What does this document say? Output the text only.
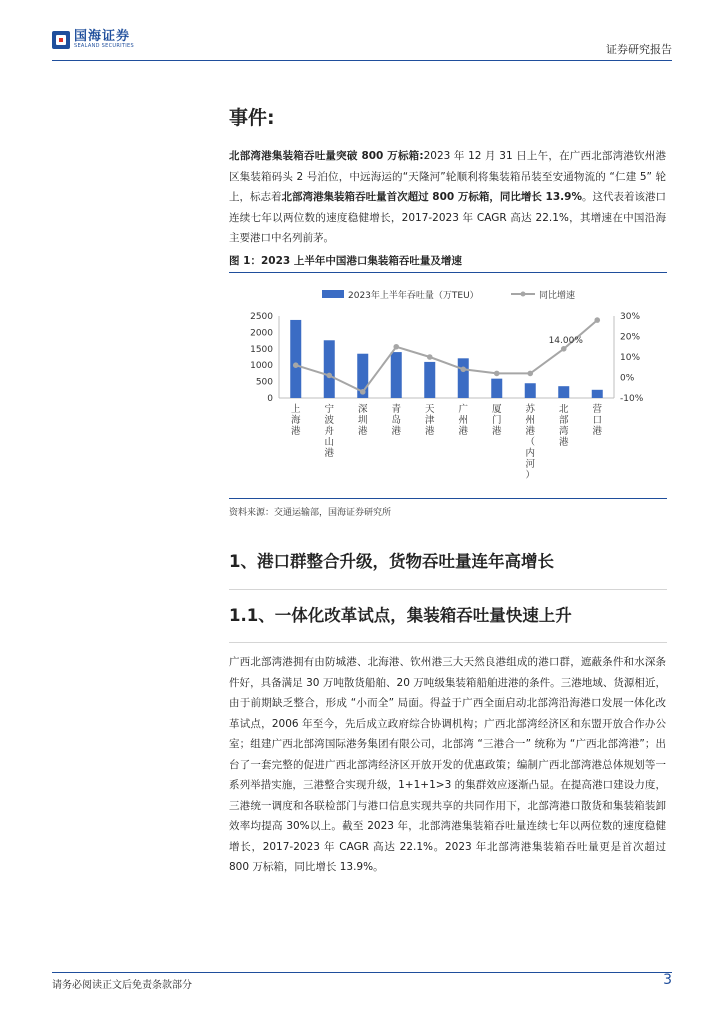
国海证券
SEALAND SECURITIES	证券研究报告
事件:
北部湾港集装箱吞吐量突破 800 万标箱:2023 年 12 月 31 日上午，在广西北部湾港钦州港区集装箱码头 2 号泊位，中远海运的“天隆河”轮顺利将集装箱吊装至安通物流的 “仁建 5” 轮上，标志着北部湾港集装箱吞吐量首次超过 800 万标箱，同比增长 13.9%。这代表着该港口连续七年以两位数的速度稳健增长，2017-2023 年 CAGR 高达 22.1%，其增速在中国沿海主要港口中名列前茅。
图 1：2023 上半年中国港口集装箱吞吐量及增速
2023年上半年吞吐量（万TEU）	同比增速
0
500
1000
1500
2000
2500
-10%
0%
10%
20%
30%
上
海
港
宁
波
舟
山
港
深
圳
港
青
岛
港
天
津
港
广
州
港
厦
门
港
苏
州
港
（
内
河
）
北
部
湾
港
营
口
港
14.00%
资料来源：交通运输部，国海证券研究所
1、港口群整合升级，货物吞吐量连年高增长
1.1、一体化改革试点，集装箱吞吐量快速上升
广西北部湾港拥有由防城港、北海港、钦州港三大天然良港组成的港口群，遮蔽条件和水深条件好，具备满足 30 万吨散货船舶、20 万吨级集装箱船舶进港的条件。三港地域、货源相近，由于前期缺乏整合，形成 “小而全” 局面。得益于广西全面启动北部湾沿海港口发展一体化改革试点，2006 年至今，先后成立政府综合协调机构；广西北部湾经济区和东盟开放合作办公室；组建广西北部湾国际港务集团有限公司，北部湾 “三港合一” 统称为 “广西北部湾港”；出台了一套完整的促进广西北部湾经济区开放开发的优惠政策；编制广西北部湾港总体规划等一系列举措实施，三港整合实现升级，1+1+1>3 的集群效应逐渐凸显。在提高港口建设力度，三港统一调度和各联检部门与港口信息实现共享的共同作用下，北部湾港口散货和集装箱装卸效率均提高 30%以上。截至 2023 年，北部湾港集装箱吞吐量连续七年以两位数的速度稳健增长，2017-2023 年 CAGR 高达 22.1%。2023 年北部湾港集装箱吞吐量更是首次超过 800 万标箱，同比增长 13.9%。
请务必阅读正文后免责条款部分	3
